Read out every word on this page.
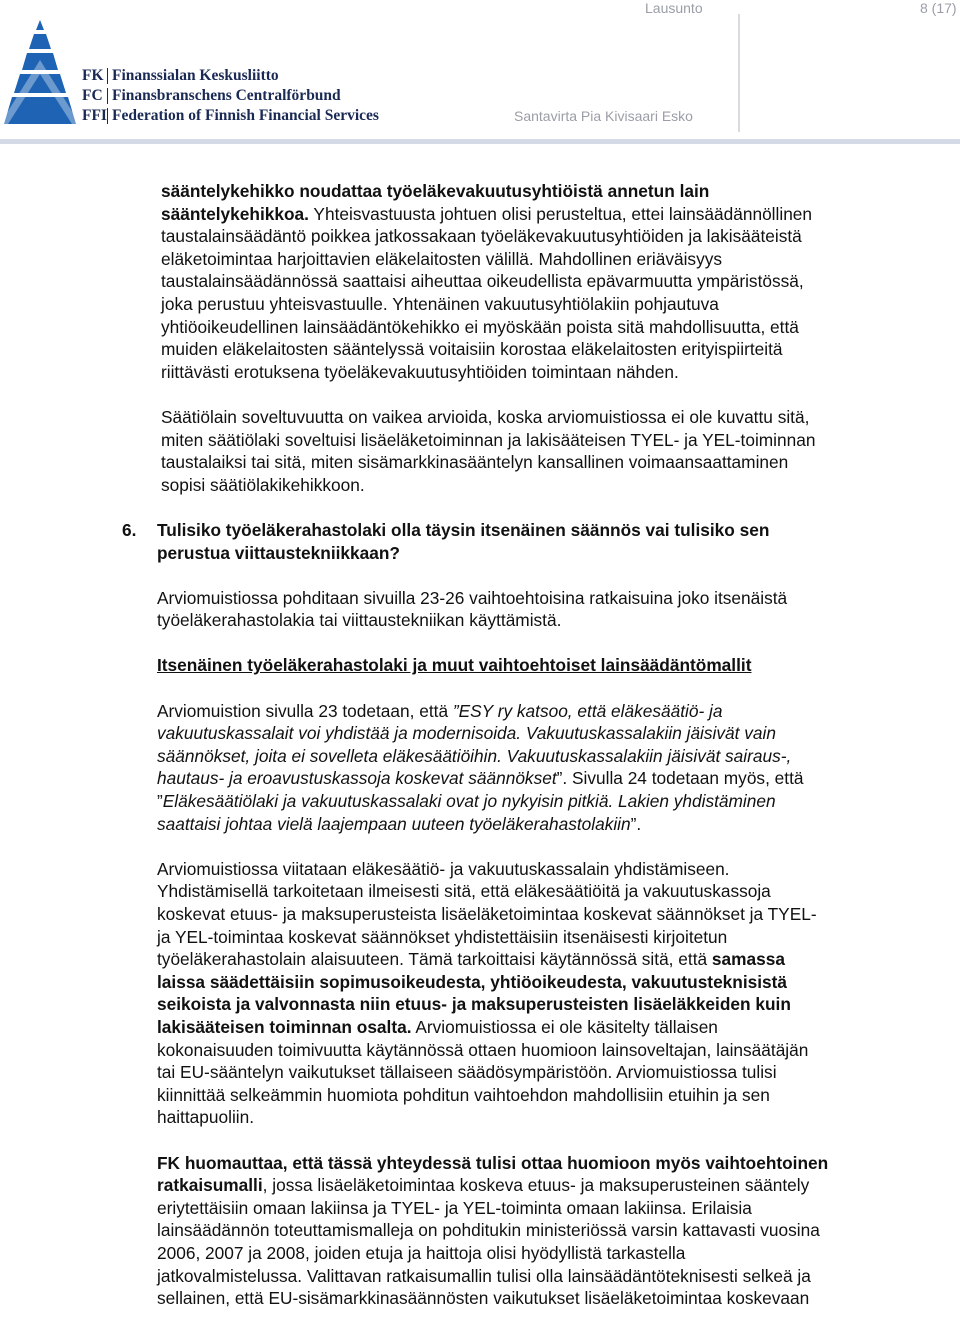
FK Finanssialan Keskusliitto
FC Finansbranschens Centralförbund
FFI Federation of Finnish Financial Services
Lausunto	8 (17)
Santavirta Pia Kivisaari Esko
sääntelykehikko noudattaa työeläkevakuutusyhtiöistä annetun lain
sääntelykehikkoa. Yhteisvastuusta johtuen olisi perusteltua, ettei lainsäädännöllinen
taustalainsäädäntö poikkea jatkossakaan työeläkevakuutusyhtiöiden ja lakisääteistä
eläketoimintaa harjoittavien eläkelaitosten välillä. Mahdollinen eriäväisyys
taustalainsäädännössä saattaisi aiheuttaa oikeudellista epävarmuutta ympäristössä,
joka perustuu yhteisvastuulle. Yhtenäinen vakuutusyhtiölakiin pohjautuva
yhtiöoikeudellinen lainsäädäntökehikko ei myöskään poista sitä mahdollisuutta, että
muiden eläkelaitosten sääntelyssä voitaisiin korostaa eläkelaitosten erityispiirteitä
riittävästi erotuksena työeläkevakuutusyhtiöiden toimintaan nähden.
Säätiölain soveltuvuutta on vaikea arvioida, koska arviomuistiossa ei ole kuvattu sitä,
miten säätiölaki soveltuisi lisäeläketoiminnan ja lakisääteisen TYEL- ja YEL-toiminnan
taustalaiksi tai sitä, miten sisämarkkinasääntelyn kansallinen voimaansaattaminen
sopisi säätiölakikehikkoon.
6. Tulisiko työeläkerahastolaki olla täysin itsenäinen säännös vai tulisiko sen
perustua viittaustekniikkaan?
Arviomuistiossa pohditaan sivuilla 23-26 vaihtoehtoisina ratkaisuina joko itsenäistä
työeläkerahastolakia tai viittaustekniikan käyttämistä.
Itsenäinen työeläkerahastolaki ja muut vaihtoehtoiset lainsäädäntömallit
Arviomuistion sivulla 23 todetaan, että ”ESY ry katsoo, että eläkesäätiö- ja
vakuutuskassalait voi yhdistää ja modernisoida. Vakuutuskassalakiin jäisivät vain
säännökset, joita ei sovelleta eläkesäätiöihin. Vakuutuskassalakiin jäisivät sairaus-,
hautaus- ja eroavustuskassoja koskevat säännökset”. Sivulla 24 todetaan myös, että
”Eläkesäätiölaki ja vakuutuskassalaki ovat jo nykyisin pitkiä. Lakien yhdistäminen
saattaisi johtaa vielä laajempaan uuteen työeläkerahastolakiin”.
Arviomuistiossa viitataan eläkesäätiö- ja vakuutuskassalain yhdistämiseen.
Yhdistämisellä tarkoitetaan ilmeisesti sitä, että eläkesäätiöitä ja vakuutuskassoja
koskevat etuus- ja maksuperusteista lisäeläketoimintaa koskevat säännökset ja TYEL-
ja YEL-toimintaa koskevat säännökset yhdistettäisiin itsenäisesti kirjoitetun
työeläkerahastolain alaisuuteen. Tämä tarkoittaisi käytännössä sitä, että samassa
laissa säädettäisiin sopimusoikeudesta, yhtiöoikeudesta, vakuutusteknisistä
seikoista ja valvonnasta niin etuus- ja maksuperusteisten lisäeläkkeiden kuin
lakisääteisen toiminnan osalta. Arviomuistiossa ei ole käsitelty tällaisen
kokonaisuuden toimivuutta käytännössä ottaen huomioon lainsoveltajan, lainsäätäjän
tai EU-sääntelyn vaikutukset tällaiseen säädösympäristöön. Arviomuistiossa tulisi
kiinnittää selkeämmin huomiota pohditun vaihtoehdon mahdollisiin etuihin ja sen
haittapuoliin.
FK huomauttaa, että tässä yhteydessä tulisi ottaa huomioon myös vaihtoehtoinen
ratkaisumalli, jossa lisäeläketoimintaa koskeva etuus- ja maksuperusteinen sääntely
eriytettäisiin omaan lakiinsa ja TYEL- ja YEL-toiminta omaan lakiinsa. Erilaisia
lainsäädännön toteuttamismalleja on pohditukin ministeriössä varsin kattavasti vuosina
2006, 2007 ja 2008, joiden etuja ja haittoja olisi hyödyllistä tarkastella
jatkovalmistelussa. Valittavan ratkaisumallin tulisi olla lainsäädäntöteknisesti selkeä ja
sellainen, että EU-sisämarkkinasäännösten vaikutukset lisäeläketoimintaa koskevaan
